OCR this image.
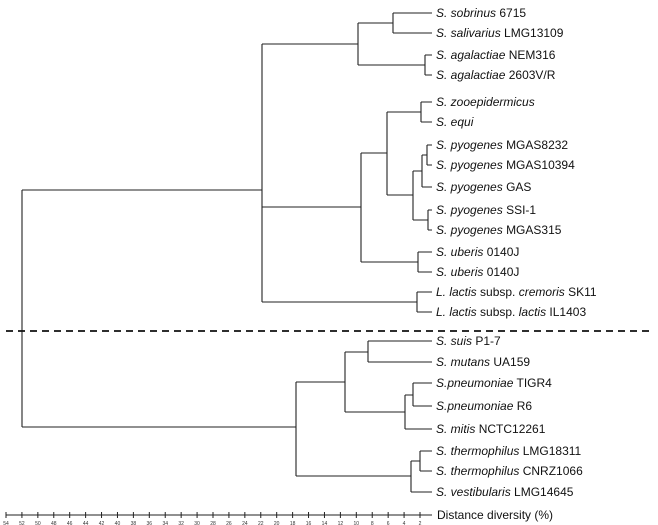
54 52 50 48 46 44 42 40 38 36 34 32 30 28 26 24 22 20 18 16 14 12 10 8	6	4	2
S. sobrinus 6715
S. salivarius LMG13109
S. agalactiae NEM316
S. agalactiae 2603V/R
S. zooepidermicus
S. equi
S. pyogenes MGAS8232
S. pyogenes MGAS10394
S. pyogenes GAS
S. pyogenes SSI-1
S. pyogenes MGAS315
S. uberis 0140J
S. uberis 0140J
L. lactis subsp. cremoris SK11
L. lactis subsp. lactis IL1403
S. suis P1-7
S. mutans UA159
S.pneumoniae TIGR4
S.pneumoniae R6
S. mitis NCTC12261
S. thermophilus LMG18311
S. thermophilus CNRZ1066
S. vestibularis LMG14645
Distance diversity (%)
